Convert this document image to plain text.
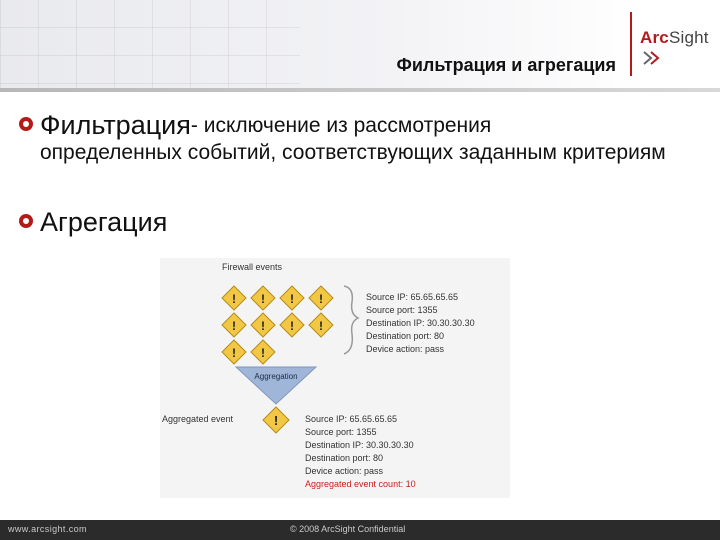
Фильтрация и агрегация
ArcSight
Фильтрация - исключение из рассмотрения
определенных событий, соответствующих заданным критериям
Агрегация
Firewall events
! ! ! !
! ! ! !
! !
Source IP: 65.65.65.65
Source port: 1355
Destination IP: 30.30.30.30
Destination port: 80
Device action: pass
Aggregation
Aggregated event	!	Source IP: 65.65.65.65
Source port: 1355
Destination IP: 30.30.30.30
Destination port: 80
Device action: pass
Aggregated event count: 10
www.arcsight.com	© 2008 ArcSight Confidential
